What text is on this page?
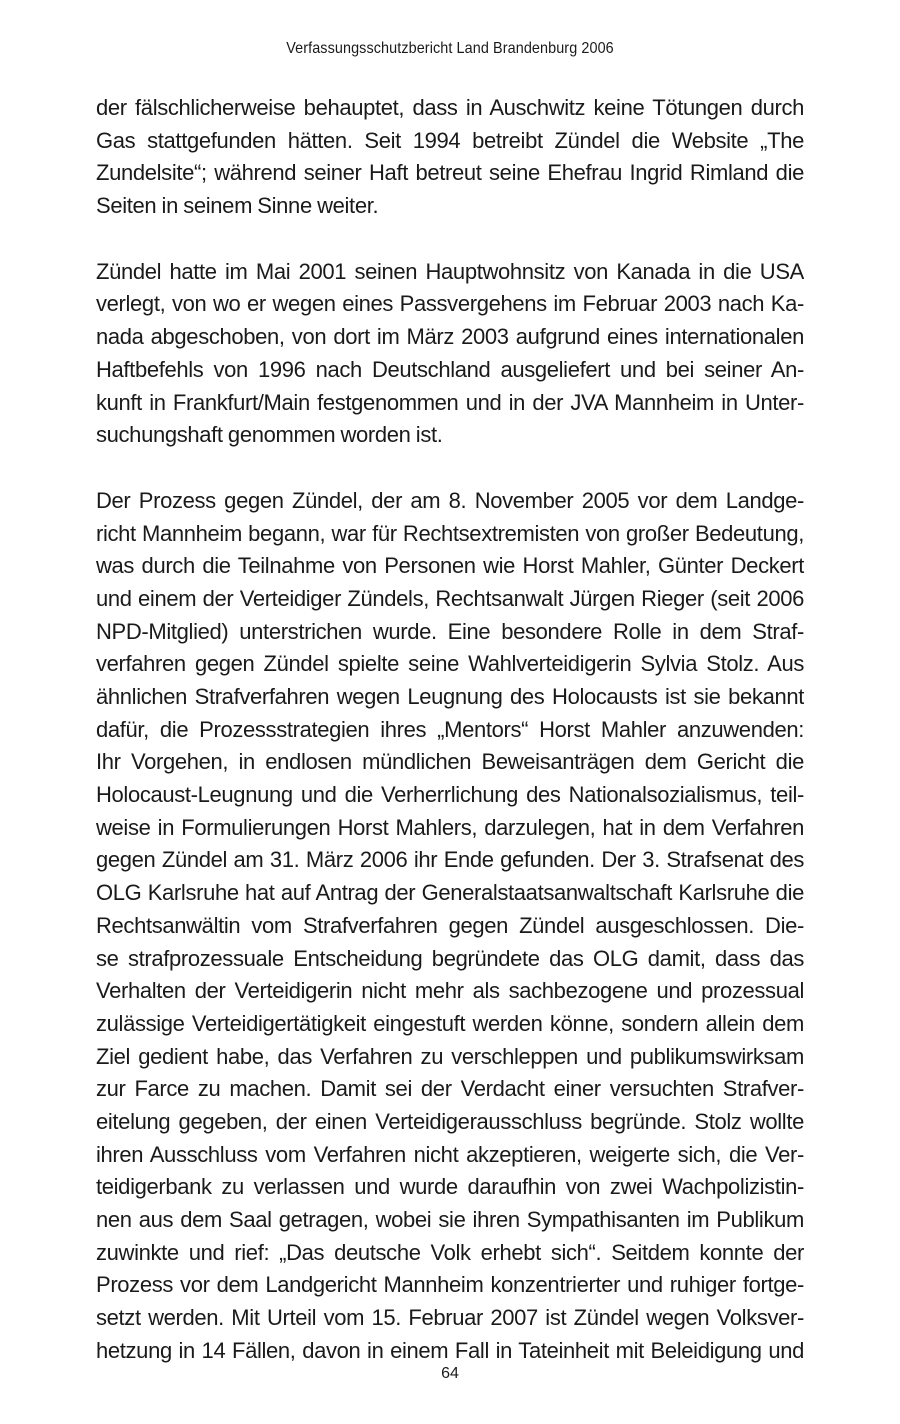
Verfassungsschutzbericht Land Brandenburg 2006

der fälschlicherweise behauptet, dass in Auschwitz keine Tötungen durch
Gas stattgefunden hätten. Seit 1994 betreibt Zündel die Website „The
Zundelsite“; während seiner Haft betreut seine Ehefrau Ingrid Rimland die
Seiten in seinem Sinne weiter.

Zündel hatte im Mai 2001 seinen Hauptwohnsitz von Kanada in die USA
verlegt, von wo er wegen eines Passvergehens im Februar 2003 nach Ka-
nada abgeschoben, von dort im März 2003 aufgrund eines internationalen
Haftbefehls von 1996 nach Deutschland ausgeliefert und bei seiner An-
kunft in Frankfurt/Main festgenommen und in der JVA Mannheim in Unter-
suchungshaft genommen worden ist.

Der Prozess gegen Zündel, der am 8. November 2005 vor dem Landge-
richt Mannheim begann, war für Rechtsextremisten von großer Bedeutung,
was durch die Teilnahme von Personen wie Horst Mahler, Günter Deckert
und einem der Verteidiger Zündels, Rechtsanwalt Jürgen Rieger (seit 2006
NPD-Mitglied) unterstrichen wurde. Eine besondere Rolle in dem Straf-
verfahren gegen Zündel spielte seine Wahlverteidigerin Sylvia Stolz. Aus
ähnlichen Strafverfahren wegen Leugnung des Holocausts ist sie bekannt
dafür, die Prozessstrategien ihres „Mentors“ Horst Mahler anzuwenden:
Ihr Vorgehen, in endlosen mündlichen Beweisanträgen dem Gericht die
Holocaust-Leugnung und die Verherrlichung des Nationalsozialismus, teil-
weise in Formulierungen Horst Mahlers, darzulegen, hat in dem Verfahren
gegen Zündel am 31. März 2006 ihr Ende gefunden. Der 3. Strafsenat des
OLG Karlsruhe hat auf Antrag der Generalstaatsanwaltschaft Karlsruhe die
Rechtsanwältin vom Strafverfahren gegen Zündel ausgeschlossen. Die-
se strafprozessuale Entscheidung begründete das OLG damit, dass das
Verhalten der Verteidigerin nicht mehr als sachbezogene und prozessual
zulässige Verteidigertätigkeit eingestuft werden könne, sondern allein dem
Ziel gedient habe, das Verfahren zu verschleppen und publikumswirksam
zur Farce zu machen. Damit sei der Verdacht einer versuchten Strafver-
eitelung gegeben, der einen Verteidigerausschluss begründe. Stolz wollte
ihren Ausschluss vom Verfahren nicht akzeptieren, weigerte sich, die Ver-
teidigerbank zu verlassen und wurde daraufhin von zwei Wachpolizistin-
nen aus dem Saal getragen, wobei sie ihren Sympathisanten im Publikum
zuwinkte und rief: „Das deutsche Volk erhebt sich“. Seitdem konnte der
Prozess vor dem Landgericht Mannheim konzentrierter und ruhiger fortge-
setzt werden. Mit Urteil vom 15. Februar 2007 ist Zündel wegen Volksver-
hetzung in 14 Fällen, davon in einem Fall in Tateinheit mit Beleidigung und

64
